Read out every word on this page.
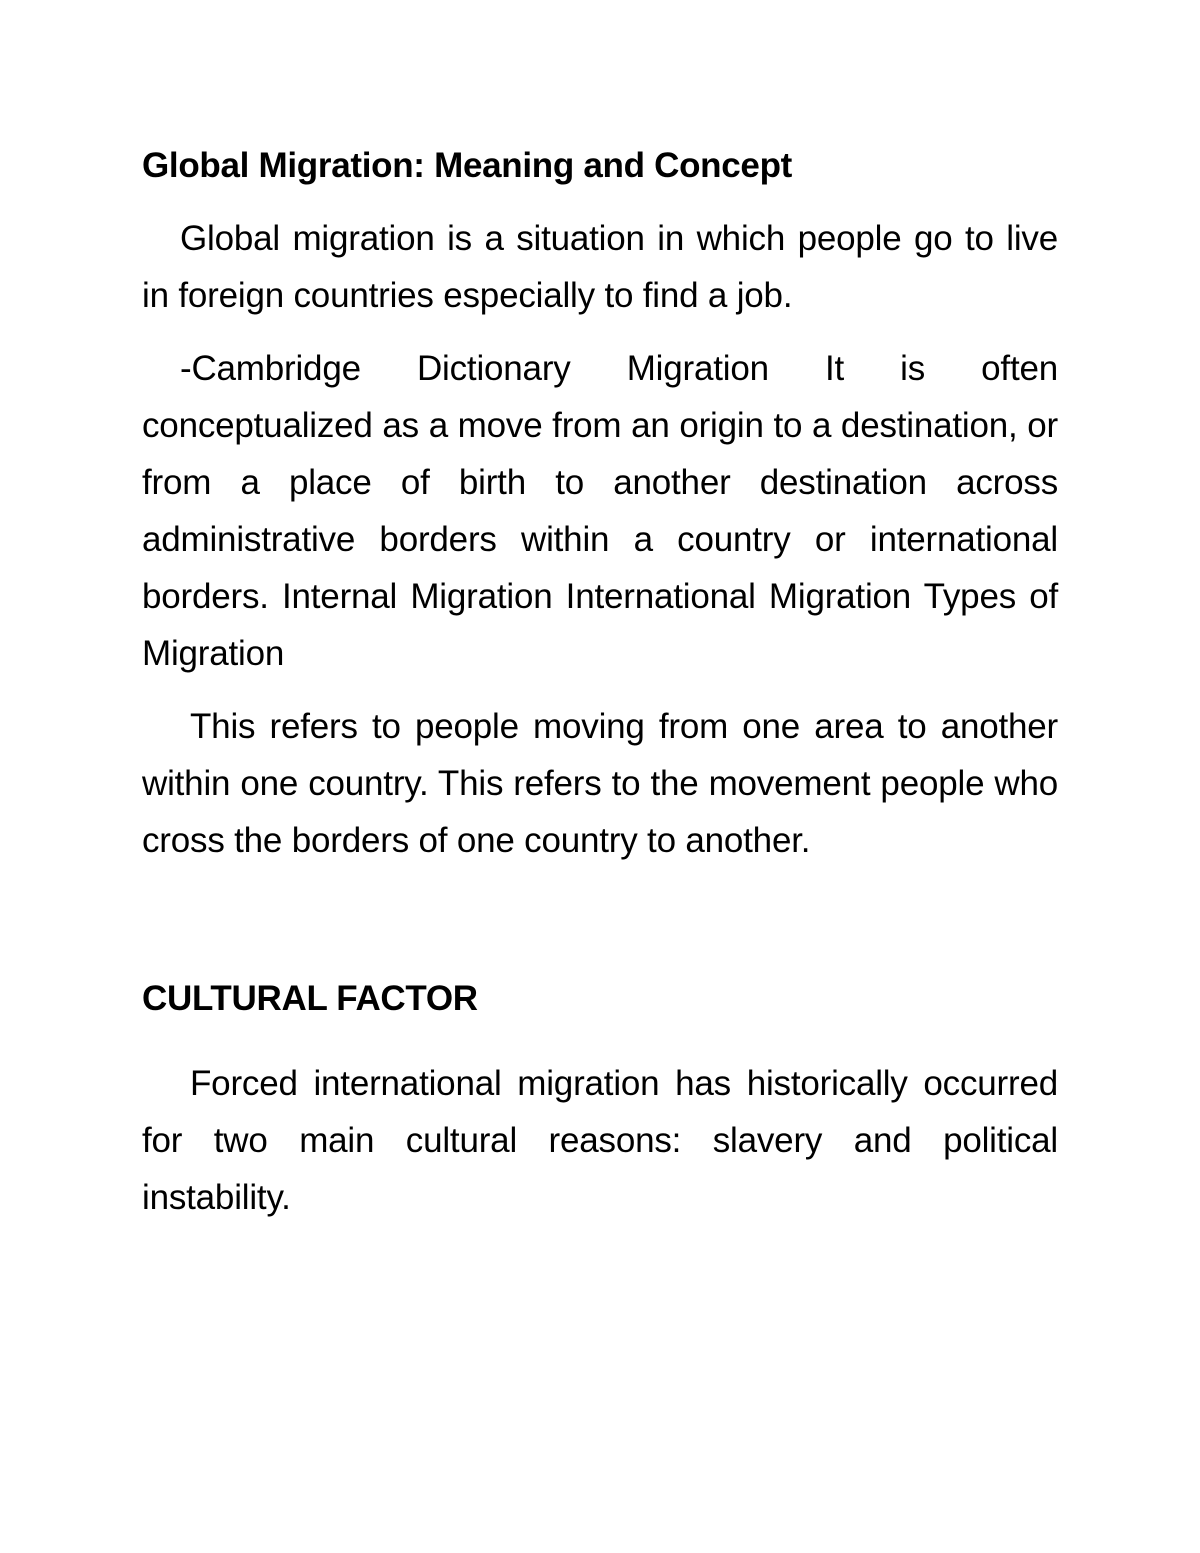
Global Migration: Meaning and Concept

Global migration is a situation in which people go to live in foreign countries especially to find a job.

-Cambridge Dictionary Migration It is often conceptualized as a move from an origin to a destination, or from a place of birth to another destination across administrative borders within a country or international borders. Internal Migration International Migration Types of Migration

This refers to people moving from one area to another within one country. This refers to the movement people who cross the borders of one country to another.

CULTURAL FACTOR

Forced international migration has historically occurred for two main cultural reasons: slavery and political instability.
